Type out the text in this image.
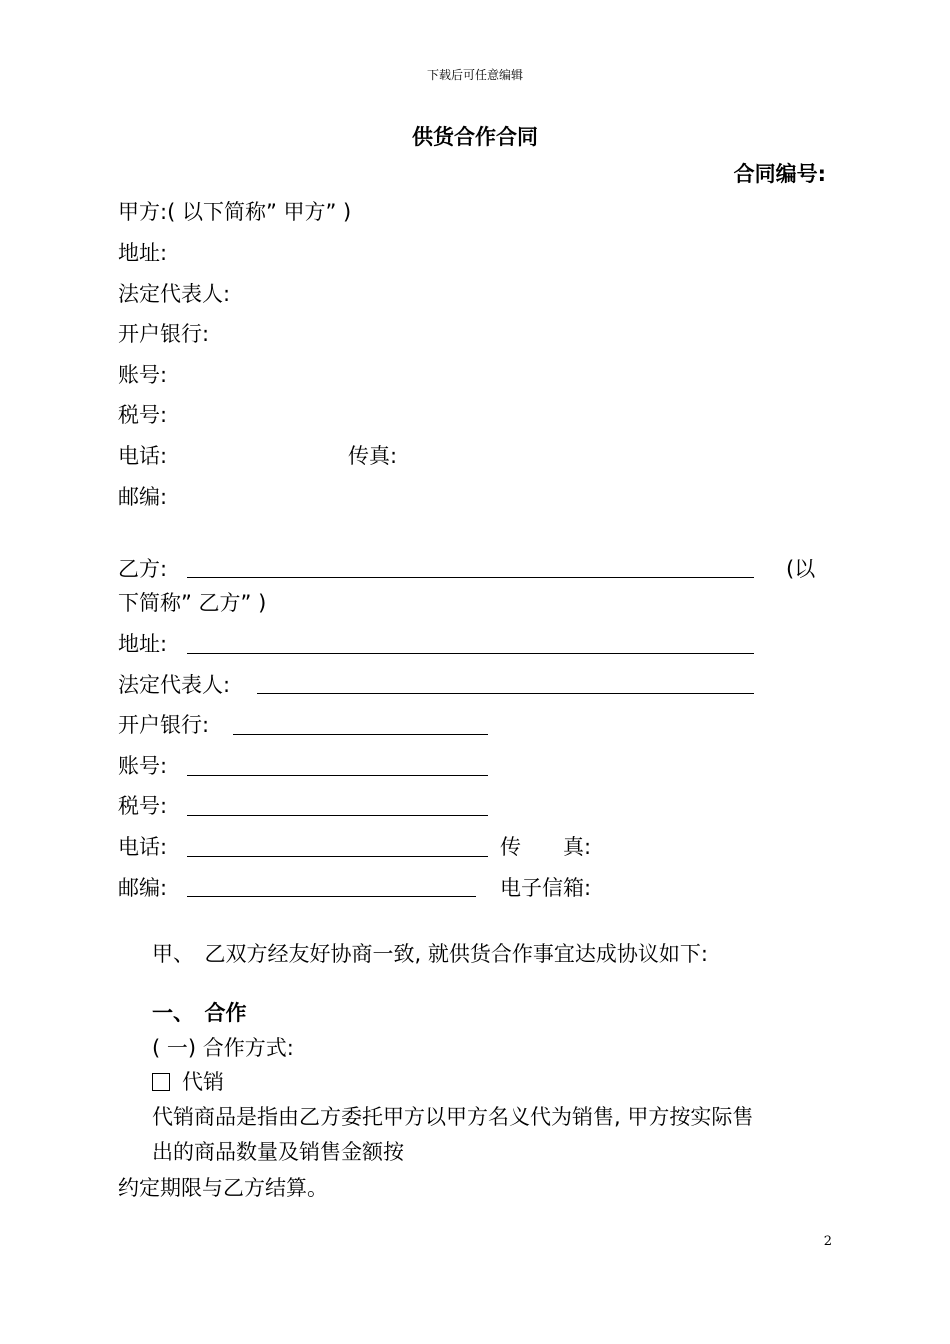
下载后可任意编辑
供货合作合同
合同编号:
甲方:( 以下简称” 甲方” )
地址:
法定代表人:
开户银行:
账号:
税号:
电话:	传真:
邮编:
乙方:	(以
下简称” 乙方” )
地址:
法定代表人:
开户银行:
账号:
税号:
电话:	传　　真:
邮编:	电子信箱:
甲、　乙双方经友好协商一致, 就供货合作事宜达成协议如下:
一、　合作
( 一) 合作方式:
代销
代销商品是指由乙方委托甲方以甲方名义代为销售, 甲方按实际售
出的商品数量及销售金额按
约定期限与乙方结算。
2
